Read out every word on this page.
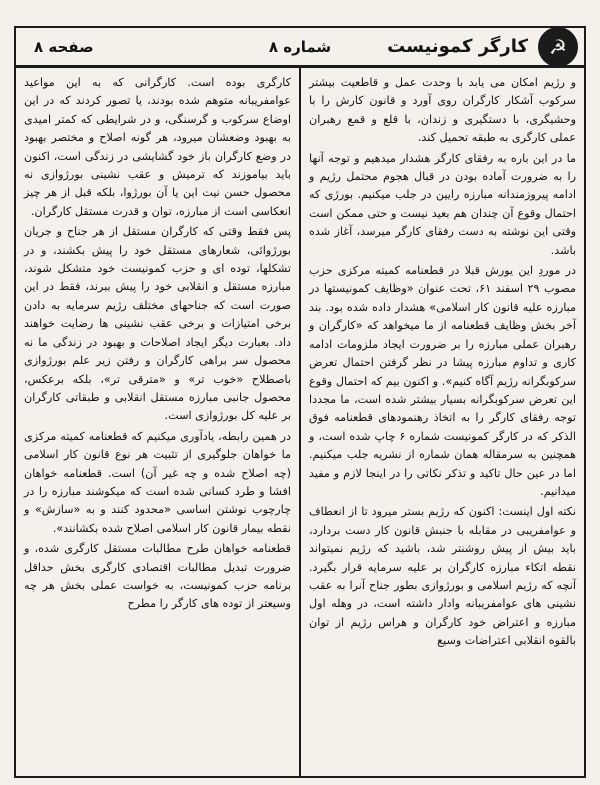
☭
کارگر کمونیست
شماره ۸
صفحه ۸

و رژیم امکان می یابد با وحدت عمل و قاطعیت بیشتر سرکوب آشکار کارگران روی آورد و قانون کارش را با وحشیگری، با دستگیری و زندان، با قلع و قمع رهبران عملی کارگری به طبقه تحمیل کند.

ما در این باره به رفقای کارگر هشدار میدهیم و توجه آنها را به ضرورت آماده بودن در قبال هجوم محتمل رژیم و ادامه پیروزمندانه مبارزه رایین در جلب میکنیم. بورژی که احتمال وقوع آن چندان هم بعید نیست و حتی ممکن است وقتی این نوشته به دست رفقای کارگر میرسد، آغاز شده باشد.

در موردِ این یورش قبلا در قطعنامه کمیته مرکزی حزب مصوب ۲۹ اسفند ۶۱، تحت عنوان «وظایف کمونیستها در مبارزه علیه قانون کار اسلامی» هشدار داده شده بود. بند آخر بخش وظایف قطعنامه از ما میخواهد که «کارگران و رهبران عملی مبارزه را بر ضرورت ایجاد ملزومات ادامه کاری و تداوم مبارزه پیشا در نظر گرفتن احتمال تعرض سرکوبگرانه رژیم آگاه کنیم». و اکنون بیم که احتمال وقوع این تعرض سرکوبگرانه بسیار بیشتر شده است، ما مجددا توجه رفقای کارگر را به اتخاذ رهنمودهای قطعنامه فوق الذکر که در کارگر کمونیست شماره ۶ چاپ شده است، و همچنین به سرمقاله همان شماره از نشریه جلب میکنیم. اما در عین حال تاکید و تذکر نکاتی را در اینجا لازم و مفید میدانیم.

نکته اول اینست: اکنون که رژیم بستر میرود تا از انعطاف و عوامفریبی در مقابله با جنبش قانون کار دست بردارد، باید بیش از پیش روشنتر شد، باشید که رژیم نمیتواند نقطه اتکاء مبارزه کارگران بر علیه سرمایه قرار بگیرد. آنچه که رژیم اسلامی و بورژوازی بطور جناح آنرا به عقب نشینی های عوامفریبانه وادار داشته است، در وهله اول مبارزه و اعتراض خود کارگران و هراس رژیم از توان بالقوه انقلابی اعتراضات وسیع

کارگری بوده است. کارگرانی که به این مواعید عوامفریبانه متوهم شده بودند، یا تصور کردند که در این اوضاع سرکوب و گرسنگی، و در شرایطی که کمتر امیدی به بهبود وضعشان میرود، هر گونه اصلاح و مختصر بهبود در وضع کارگران باز خود گشایشی در زندگی است، اکنون باید بیاموزند که ترمیش و عقب نشینی بورژوازی نه محصول حسن نیت این یا آن بورژوا، بلکه قبل از هر چیز انعکاسی است از مبارزه، توان و قدرت مستقل کارگران.

پس فقط وقتی که کارگران مستقل از هر جناح و جریان بورژوائی، شعارهای مستقل خود را پیش بکشند، و در تشکلها، توده ای و حزب کمونیست خود متشکل شوند، مبارزه مستقل و انقلابی خود را پیش ببرند، فقط در این صورت است که جناحهای مختلف رژیم سرمایه به دادن برخی امتیازات و برخی عقب نشینی ها رضایت خواهند داد. بعبارت دیگر ایجاد اصلاحات و بهبود در زندگی ما نه محصول سر براهی کارگران و رفتن زیر علم بورژوازی باصطلاح «خوب تر» و «مترقی تر»، بلکه برعکس، محصول جانبی مبارزه مستقل انقلابی و طبقاتی کارگران بر علیه کل بورژوازی است.

در همین رابطه، یادآوری میکنیم که قطعنامه کمیته مرکزی ما خواهان جلوگیری از تثبیت هر نوع قانون کار اسلامی (چه اصلاح شده و چه غیر آن) است. قطعنامه خواهان افشا و طرد کسانی شده است که میکوشند مبارزه را در چارچوب نوشتن اساسی «محدود کنند و به «سازش» و نقطه بیمار قانون کار اسلامی اصلاح شده بکشانند».

قطعنامه خواهان طرح مطالبات مستقل کارگری شده، و ضرورت تبدیل مطالبات اقتصادی کارگری بخش حداقل برنامه حزب کمونیست، به خواست عملی بخش هر چه وسیعتر از توده های کارگر را مطرح
